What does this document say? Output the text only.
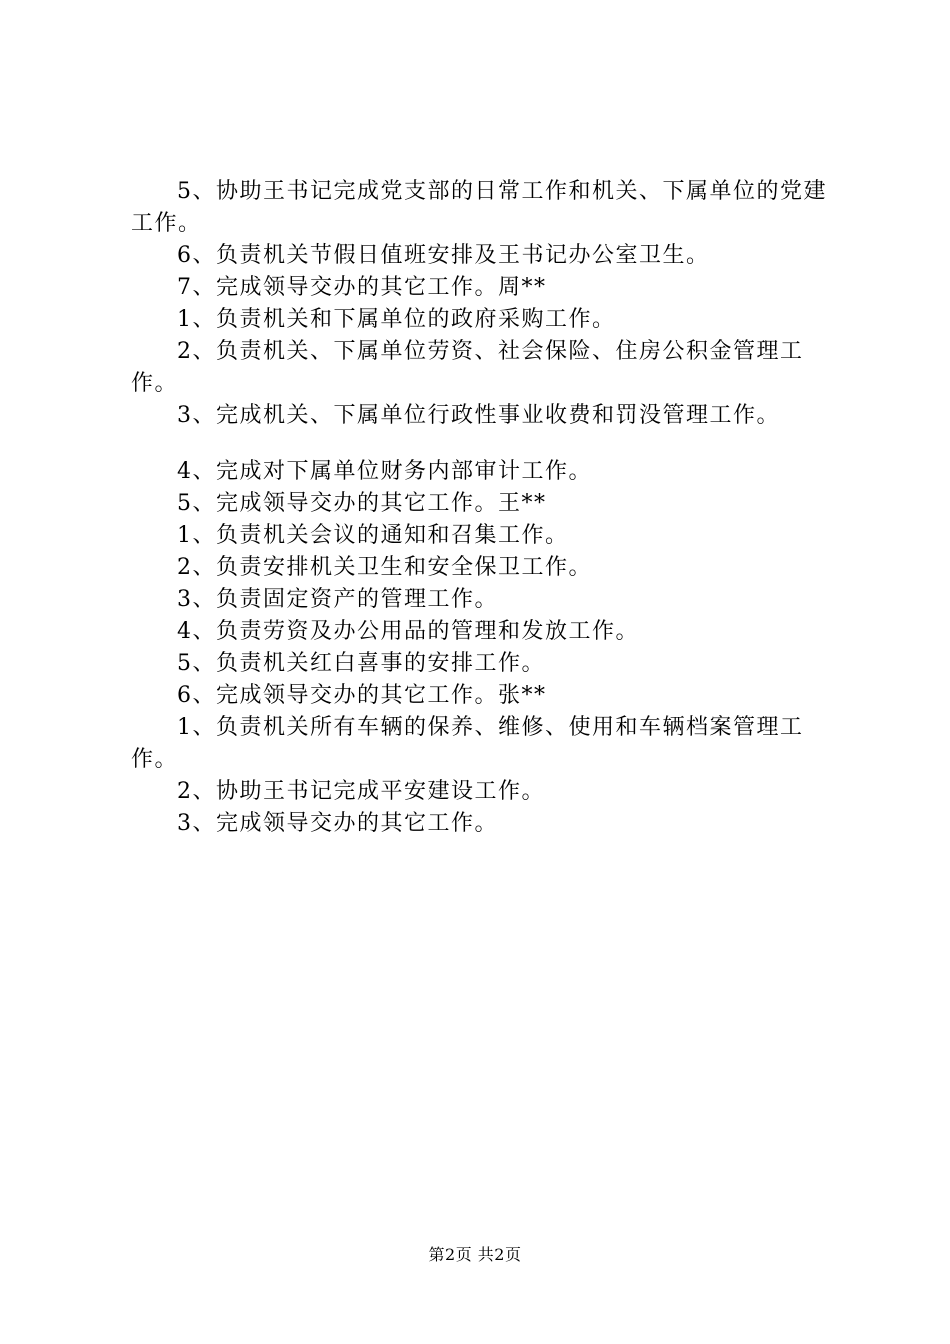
5、协助王书记完成党支部的日常工作和机关、下属单位的党建工作。

6、负责机关节假日值班安排及王书记办公室卫生。

7、完成领导交办的其它工作。周**

1、负责机关和下属单位的政府采购工作。

2、负责机关、下属单位劳资、社会保险、住房公积金管理工作。

3、完成机关、下属单位行政性事业收费和罚没管理工作。

4、完成对下属单位财务内部审计工作。

5、完成领导交办的其它工作。王**

1、负责机关会议的通知和召集工作。

2、负责安排机关卫生和安全保卫工作。

3、负责固定资产的管理工作。

4、负责劳资及办公用品的管理和发放工作。

5、负责机关红白喜事的安排工作。

6、完成领导交办的其它工作。张**

1、负责机关所有车辆的保养、维修、使用和车辆档案管理工作。

2、协助王书记完成平安建设工作。

3、完成领导交办的其它工作。

第2页 共2页
